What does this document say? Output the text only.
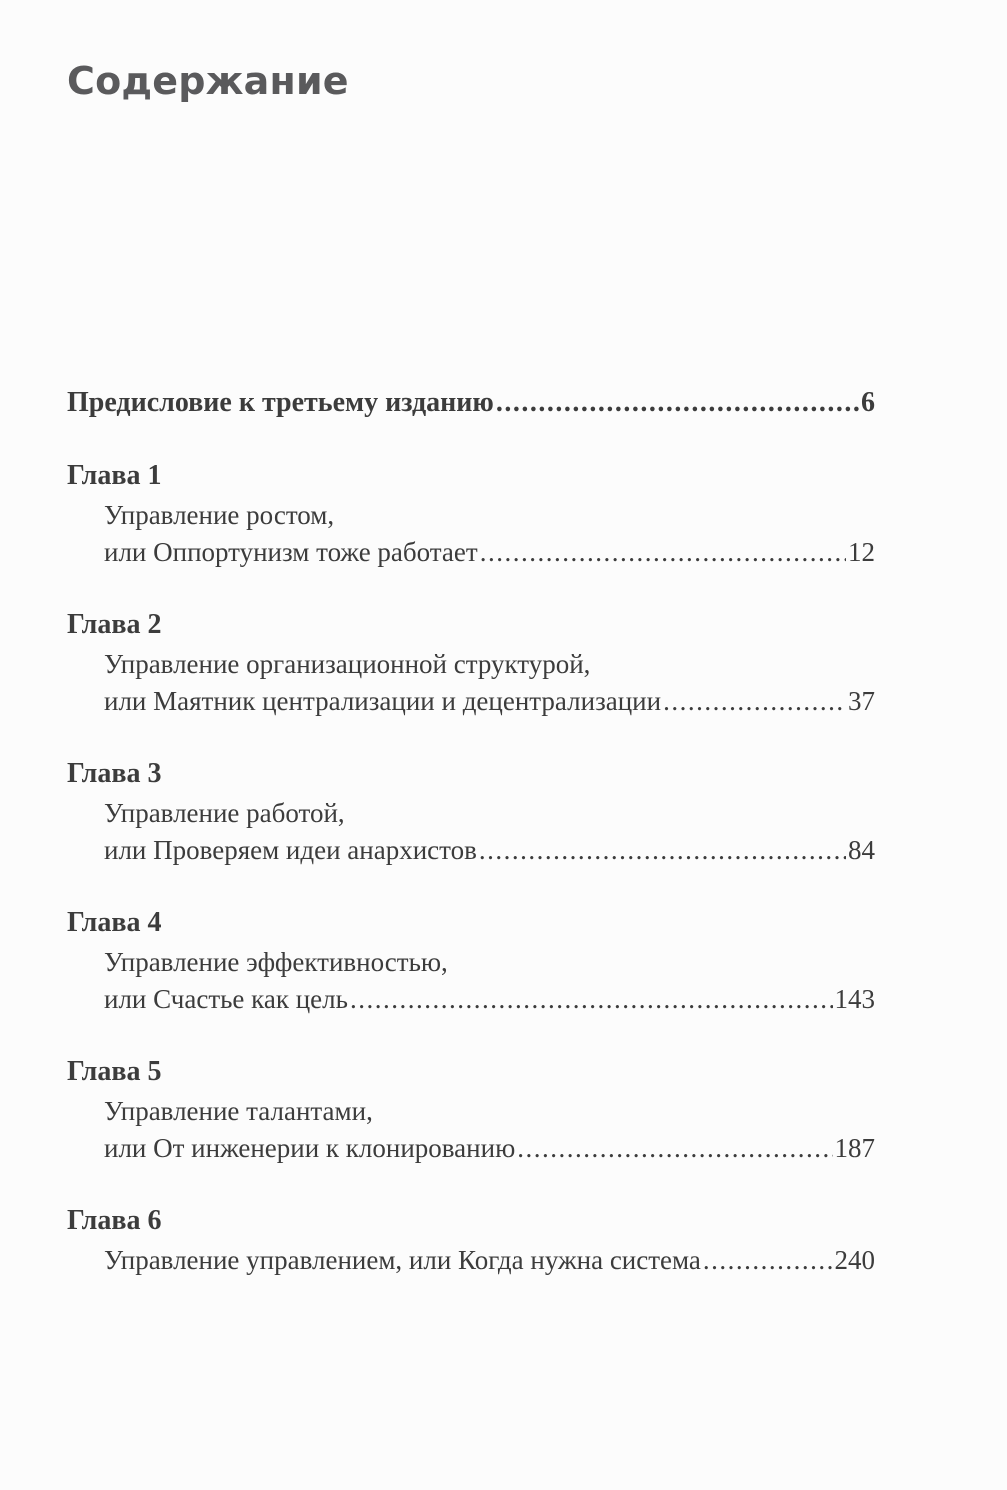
Содержание
Предисловие к третьему изданию .....	6
Глава 1
Управление ростом,
или Оппортунизм тоже работает .....	12
Глава 2
Управление организационной структурой,
или Маятник централизации и децентрализации .....	37
Глава 3
Управление работой,
или Проверяем идеи анархистов .....	84
Глава 4
Управление эффективностью,
или Счастье как цель .....	143
Глава 5
Управление талантами,
или От инженерии к клонированию .....	187
Глава 6
Управление управлением, или Когда нужна система .....	240
